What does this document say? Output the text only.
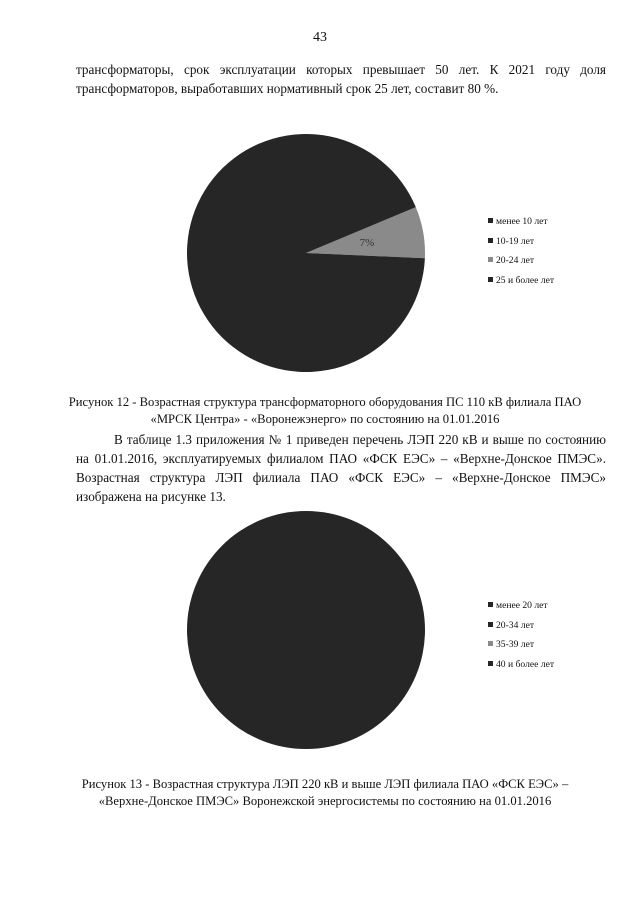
43

трансформаторы, срок эксплуатации которых превышает 50 лет. К 2021 году доля трансформаторов, выработавших нормативный срок 25 лет, составит 80 %.

7%
менее 10 лет
10-19 лет
20-24 лет
25 и более лет

Рисунок 12 - Возрастная структура трансформаторного оборудования ПС 110 кВ филиала ПАО «МРСК Центра» - «Воронежэнерго» по состоянию на 01.01.2016

В таблице 1.3 приложения № 1 приведен перечень ЛЭП 220 кВ и выше по состоянию на 01.01.2016, эксплуатируемых филиалом ПАО «ФСК ЕЭС» – «Верхне-Донское ПМЭС». Возрастная структура ЛЭП филиала ПАО «ФСК ЕЭС» – «Верхне-Донское ПМЭС» изображена на рисунке 13.

менее 20 лет
20-34 лет
35-39 лет
40 и более лет

Рисунок 13 - Возрастная структура ЛЭП 220 кВ и выше ЛЭП филиала ПАО «ФСК ЕЭС» – «Верхне-Донское ПМЭС» Воронежской энергосистемы по состоянию на 01.01.2016
